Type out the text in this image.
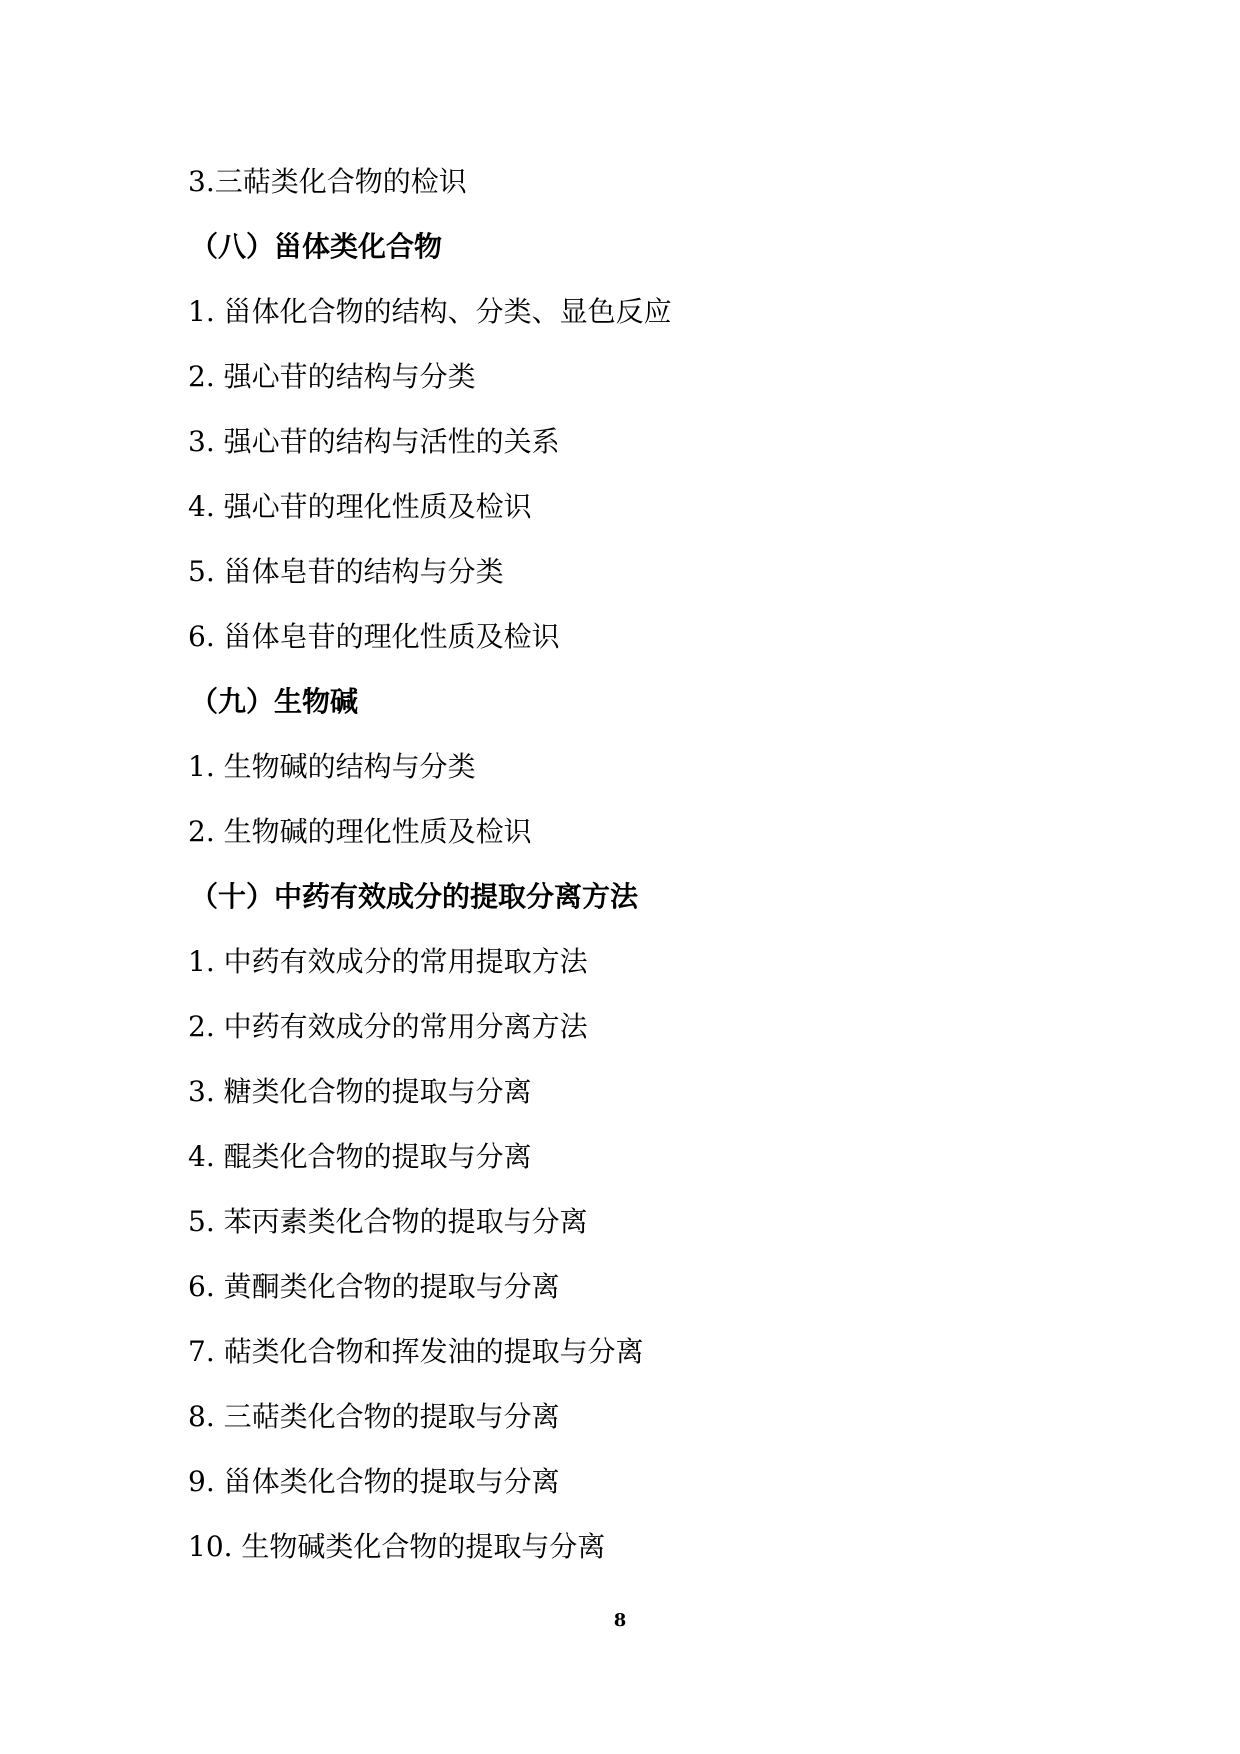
3.三萜类化合物的检识
（八）甾体类化合物
1. 甾体化合物的结构、分类、显色反应
2. 强心苷的结构与分类
3. 强心苷的结构与活性的关系
4. 强心苷的理化性质及检识
5. 甾体皂苷的结构与分类
6. 甾体皂苷的理化性质及检识
（九）生物碱
1. 生物碱的结构与分类
2. 生物碱的理化性质及检识
（十）中药有效成分的提取分离方法
1. 中药有效成分的常用提取方法
2. 中药有效成分的常用分离方法
3. 糖类化合物的提取与分离
4. 醌类化合物的提取与分离
5. 苯丙素类化合物的提取与分离
6. 黄酮类化合物的提取与分离
7. 萜类化合物和挥发油的提取与分离
8. 三萜类化合物的提取与分离
9. 甾体类化合物的提取与分离
10. 生物碱类化合物的提取与分离
8
